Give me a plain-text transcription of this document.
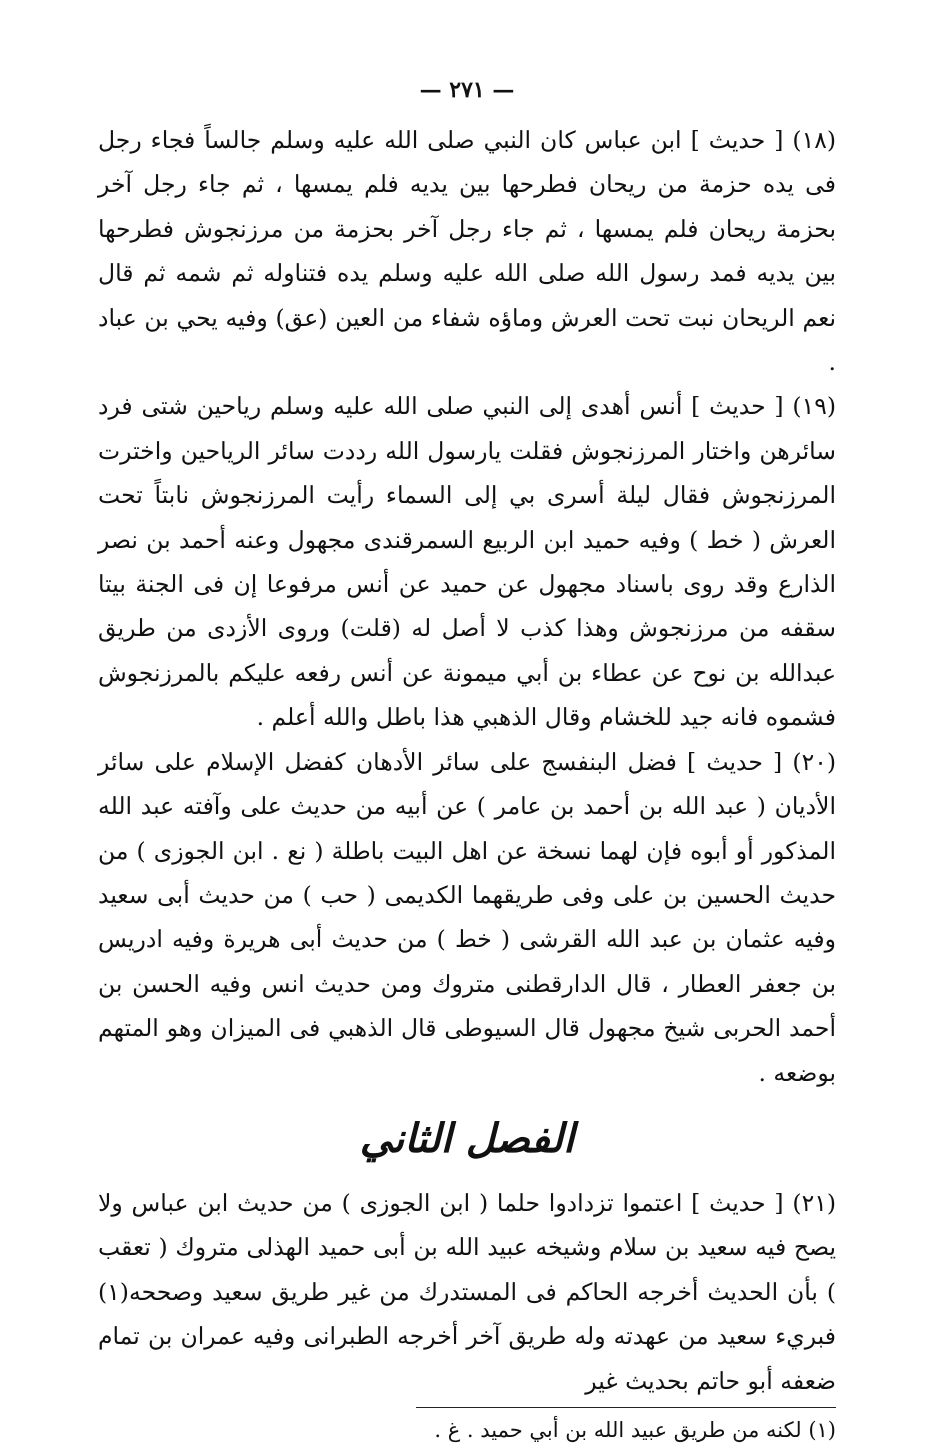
— ۲۷۱ —

(١٨) [ حديث ] ابن عباس كان النبي صلى الله عليه وسلم جالساً فجاء رجل فى يده حزمة من ريحان فطرحها بين يديه فلم يمسها ، ثم جاء رجل آخر بحزمة ريحان فلم يمسها ، ثم جاء رجل آخر بحزمة من مرزنجوش فطرحها بين يديه فمد رسول الله صلى الله عليه وسلم يده فتناوله ثم شمه ثم قال نعم الريحان نبت تحت العرش وماؤه شفاء من العين (عق) وفيه يحي بن عباد .

(١٩) [ حديث ] أنس أهدى إلى النبي صلى الله عليه وسلم رياحين شتى فرد سائرهن واختار المرزنجوش فقلت يارسول الله رددت سائر الرياحين واخترت المرزنجوش فقال ليلة أسرى بي إلى السماء رأيت المرزنجوش نابتاً تحت العرش ( خط ) وفيه حميد ابن الربيع السمرقندى مجهول وعنه أحمد بن نصر الذارع وقد روى باسناد مجهول عن حميد عن أنس مرفوعا إن فى الجنة بيتا سقفه من مرزنجوش وهذا كذب لا أصل له (قلت) وروى الأزدى من طريق عبدالله بن نوح عن عطاء بن أبي ميمونة عن أنس رفعه عليكم بالمرزنجوش فشموه فانه جيد للخشام وقال الذهبي هذا باطل والله أعلم .

(٢٠) [ حديث ] فضل البنفسج على سائر الأدهان كفضل الإسلام على سائر الأديان ( عبد الله بن أحمد بن عامر ) عن أبيه من حديث على وآفته عبد الله المذكور أو أبوه فإن لهما نسخة عن اهل البيت باطلة ( نع . ابن الجوزى ) من حديث الحسين بن على وفى طريقهما الكديمى ( حب ) من حديث أبى سعيد وفيه عثمان بن عبد الله القرشى ( خط ) من حديث أبى هريرة وفيه ادريس بن جعفر العطار ، قال الدارقطنى متروك ومن حديث انس وفيه الحسن بن أحمد الحربى شيخ مجهول قال السيوطى قال الذهبي فى الميزان وهو المتهم بوضعه .

الفصل الثاني

(٢١) [ حديث ] اعتموا تزدادوا حلما ( ابن الجوزى ) من حديث ابن عباس ولا يصح فيه سعيد بن سلام وشيخه عبيد الله بن أبى حميد الهذلى متروك ( تعقب ) بأن الحديث أخرجه الحاكم فى المستدرك من غير طريق سعيد وصححه(١) فبريء سعيد من عهدته وله طريق آخر أخرجه الطبرانى وفيه عمران بن تمام ضعفه أبو حاتم بحديث غير

(١) لكنه من طريق عبيد الله بن أبي حميد . غ .
